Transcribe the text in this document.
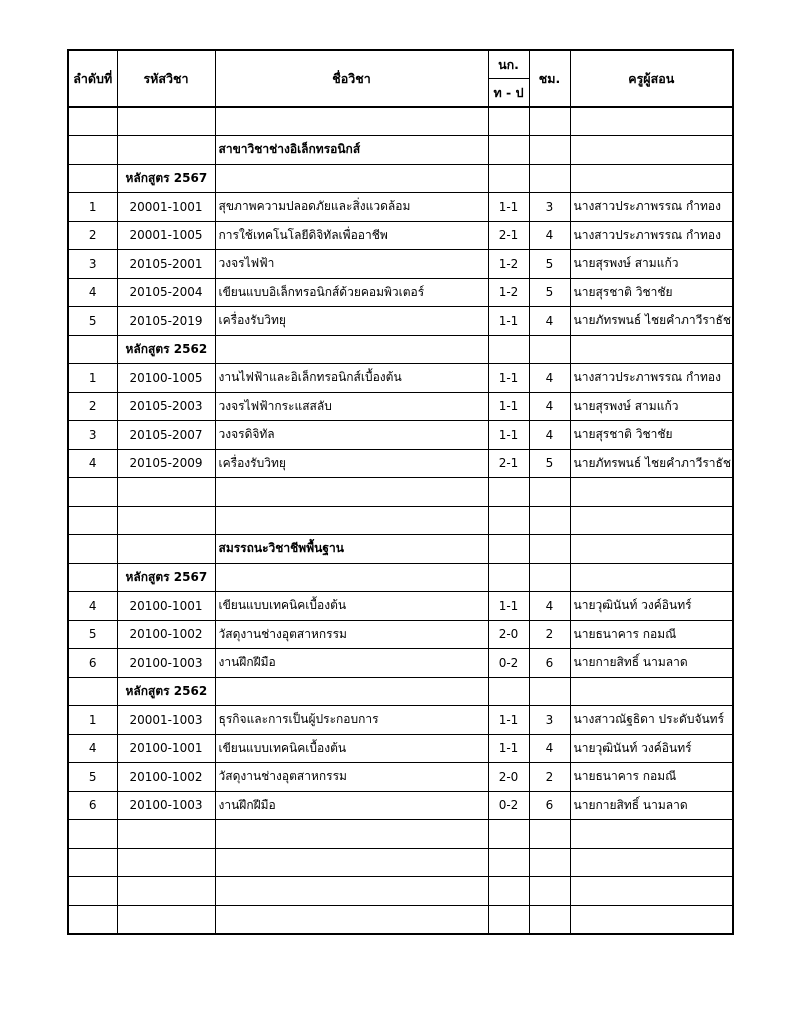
ลำดับที่	รหัสวิชา	ชื่อวิชา	นก.	ชม.	ครูผู้สอน
			ท - ป		

		สาขาวิชาช่างอิเล็กทรอนิกส์			
	หลักสูตร 2567				
1	20001-1001	สุขภาพความปลอดภัยและสิ่งแวดล้อม	1-1	3	นางสาวประภาพรรณ กำทอง
2	20001-1005	การใช้เทคโนโลยีดิจิทัลเพื่ออาชีพ	2-1	4	นางสาวประภาพรรณ กำทอง
3	20105-2001	วงจรไฟฟ้า	1-2	5	นายสุรพงษ์ สามแก้ว
4	20105-2004	เขียนแบบอิเล็กทรอนิกส์ด้วยคอมพิวเตอร์	1-2	5	นายสุรชาติ วิชาชัย
5	20105-2019	เครื่องรับวิทยุ	1-1	4	นายภัทรพนธ์ ไชยคำภาวีราธัช
	หลักสูตร 2562				
1	20100-1005	งานไฟฟ้าและอิเล็กทรอนิกส์เบื้องต้น	1-1	4	นางสาวประภาพรรณ กำทอง
2	20105-2003	วงจรไฟฟ้ากระแสสลับ	1-1	4	นายสุรพงษ์ สามแก้ว
3	20105-2007	วงจรดิจิทัล	1-1	4	นายสุรชาติ วิชาชัย
4	20105-2009	เครื่องรับวิทยุ	2-1	5	นายภัทรพนธ์ ไชยคำภาวีราธัช

		สมรรถนะวิชาชีพพื้นฐาน			
	หลักสูตร 2567				
4	20100-1001	เขียนแบบเทคนิคเบื้องต้น	1-1	4	นายวุฒินันท์ วงค์อินทร์
5	20100-1002	วัสดุงานช่างอุตสาหกรรม	2-0	2	นายธนาคาร กอมณี
6	20100-1003	งานฝึกฝีมือ	0-2	6	นายกายสิทธิ์ นามลาด
	หลักสูตร 2562				
1	20001-1003	ธุรกิจและการเป็นผู้ประกอบการ	1-1	3	นางสาวณัฐธิดา ประดับจันทร์
4	20100-1001	เขียนแบบเทคนิคเบื้องต้น	1-1	4	นายวุฒินันท์ วงค์อินทร์
5	20100-1002	วัสดุงานช่างอุตสาหกรรม	2-0	2	นายธนาคาร กอมณี
6	20100-1003	งานฝึกฝีมือ	0-2	6	นายกายสิทธิ์ นามลาด
